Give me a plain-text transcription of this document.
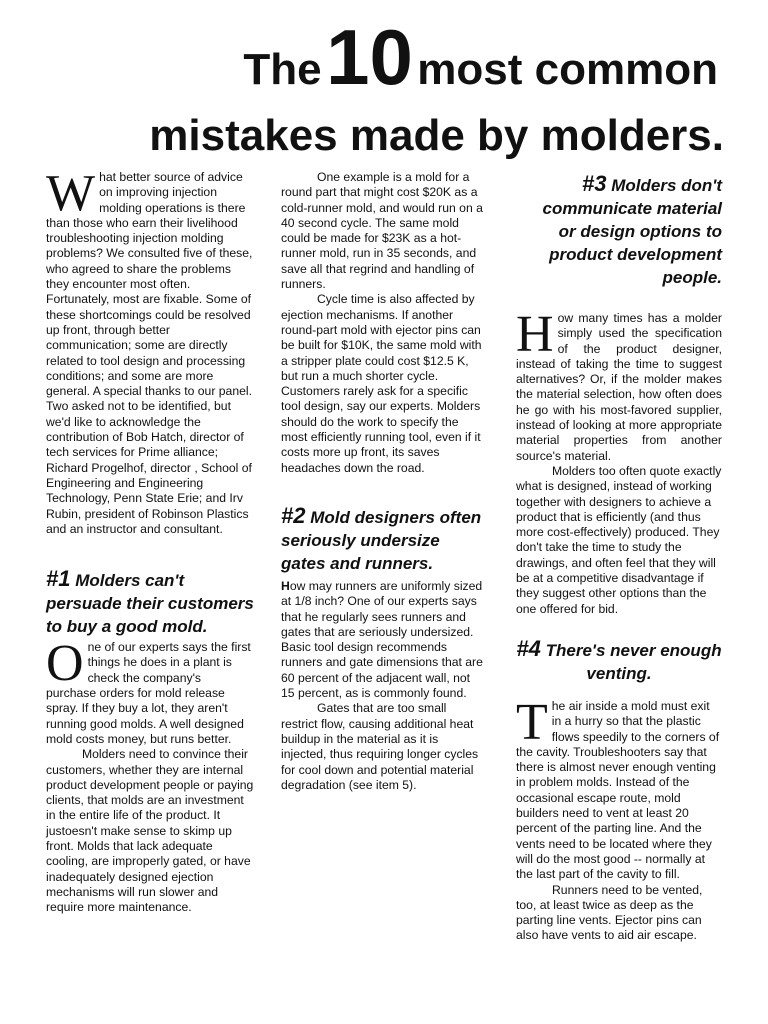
The 10 most common
mistakes made by molders.

What better source of advice on improving injection molding operations is there than those who earn their livelihood troubleshooting injection molding problems? We consulted five of these, who agreed to share the problems they encounter most often. Fortunately, most are fixable. Some of these shortcomings could be resolved up front, through better communication; some are directly related to tool design and processing conditions; and some are more general. A special thanks to our panel. Two asked not to be identified, but we'd like to acknowledge the contribution of Bob Hatch, director of tech services for Prime alliance; Richard Progelhof, director , School of Engineering and Engineering Technology, Penn State Erie; and Irv Rubin, president of Robinson Plastics and an instructor and consultant.

#1 Molders can't persuade their customers to buy a good mold.

One of our experts says the first things he does in a plant is check the company's purchase orders for mold release spray. If they buy a lot, they aren't running good molds. A well designed mold costs money, but runs better.

Molders need to convince their customers, whether they are internal product development people or paying clients, that molds are an investment in the entire life of the product. It justoesn't make sense to skimp up front. Molds that lack adequate cooling, are improperly gated, or have inadequately designed ejection mechanisms will run slower and require more maintenance.

One example is a mold for a round part that might cost $20K as a cold-runner mold, and would run on a 40 second cycle. The same mold could be made for $23K as a hot-runner mold, run in 35 seconds, and save all that regrind and handling of runners.

Cycle time is also affected by ejection mechanisms. If another round-part mold with ejector pins can be built for $10K, the same mold with a stripper plate could cost $12.5 K, but run a much shorter cycle. Customers rarely ask for a specific tool design, say our experts. Molders should do the work to specify the most efficiently running tool, even if it costs more up front, its saves headaches down the road.

#2 Mold designers often seriously undersize gates and runners.

How may runners are uniformly sized at 1/8 inch? One of our experts says that he regularly sees runners and gates that are seriously undersized. Basic tool design recommends runners and gate dimensions that are 60 percent of the adjacent wall, not 15 percent, as is commonly found.

Gates that are too small restrict flow, causing additional heat buildup in the material as it is injected, thus requiring longer cycles for cool down and potential material degradation (see item 5).

#3 Molders don't communicate material or design options to product development people.

How many times has a molder simply used the specification of the product designer, instead of taking the time to suggest alternatives? Or, if the molder makes the material selection, how often does he go with his most-favored supplier, instead of looking at more appropriate material properties from another source's material.

Molders too often quote exactly what is designed, instead of working together with designers to achieve a product that is efficiently (and thus more cost-effectively) produced. They don't take the time to study the drawings, and often feel that they will be at a competitive disadvantage if they suggest other options than the one offered for bid.

#4 There's never enough venting.

The air inside a mold must exit in a hurry so that the plastic flows speedily to the corners of the cavity. Troubleshooters say that there is almost never enough venting in problem molds. Instead of the occasional escape route, mold builders need to vent at least 20 percent of the parting line. And the vents need to be located where they will do the most good -- normally at the last part of the cavity to fill.

Runners need to be vented, too, at least twice as deep as the parting line vents. Ejector pins can also have vents to aid air escape.
